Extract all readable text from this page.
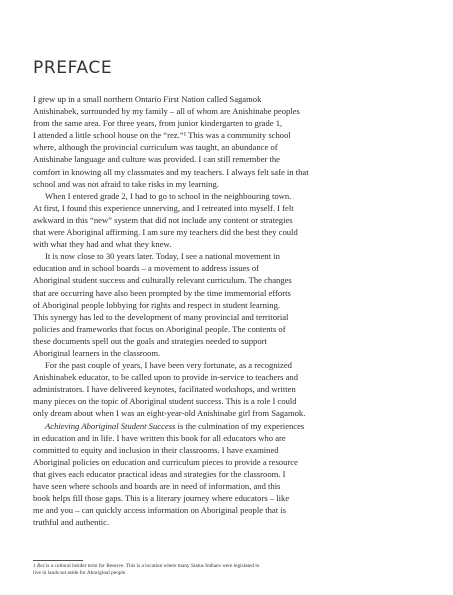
PREFACE

I grew up in a small northern Ontario First Nation called Sagamok
Anishinabek, surrounded by my family – all of whom are Anishinabe peoples
from the same area. For three years, from junior kindergarten to grade 1,
I attended a little school house on the “rez.”¹ This was a community school
where, although the provincial curriculum was taught, an abundance of
Anishinabe language and culture was provided. I can still remember the
comfort in knowing all my classmates and my teachers. I always felt safe in that
school and was not afraid to take risks in my learning.

When I entered grade 2, I had to go to school in the neighbouring town.
At first, I found this experience unnerving, and I retreated into myself. I felt
awkward in this “new” system that did not include any content or strategies
that were Aboriginal affirming. I am sure my teachers did the best they could
with what they had and what they knew.

It is now close to 30 years later. Today, I see a national movement in
education and in school boards – a movement to address issues of
Aboriginal student success and culturally relevant curriculum. The changes
that are occurring have also been prompted by the time immemorial efforts
of Aboriginal people lobbying for rights and respect in student learning.
This synergy has led to the development of many provincial and territorial
policies and frameworks that focus on Aboriginal people. The contents of
these documents spell out the goals and strategies needed to support
Aboriginal learners in the classroom.

For the past couple of years, I have been very fortunate, as a recognized
Anishinabek educator, to be called upon to provide in-service to teachers and
administrators. I have delivered keynotes, facilitated workshops, and written
many pieces on the topic of Aboriginal student success. This is a role I could
only dream about when I was an eight-year-old Anishinabe girl from Sagamok.

Achieving Aboriginal Student Success is the culmination of my experiences
in education and in life. I have written this book for all educators who are
committed to equity and inclusion in their classrooms. I have examined
Aboriginal policies on education and curriculum pieces to provide a resource
that gives each educator practical ideas and strategies for the classroom. I
have seen where schools and boards are in need of information, and this
book helps fill those gaps. This is a literary journey where educators – like
me and you – can quickly access information on Aboriginal people that is
truthful and authentic.

1 Rez is a cultural insider term for Reserve. This is a location where many Status Indians were legislated to
live in lands set aside for Aboriginal people.
